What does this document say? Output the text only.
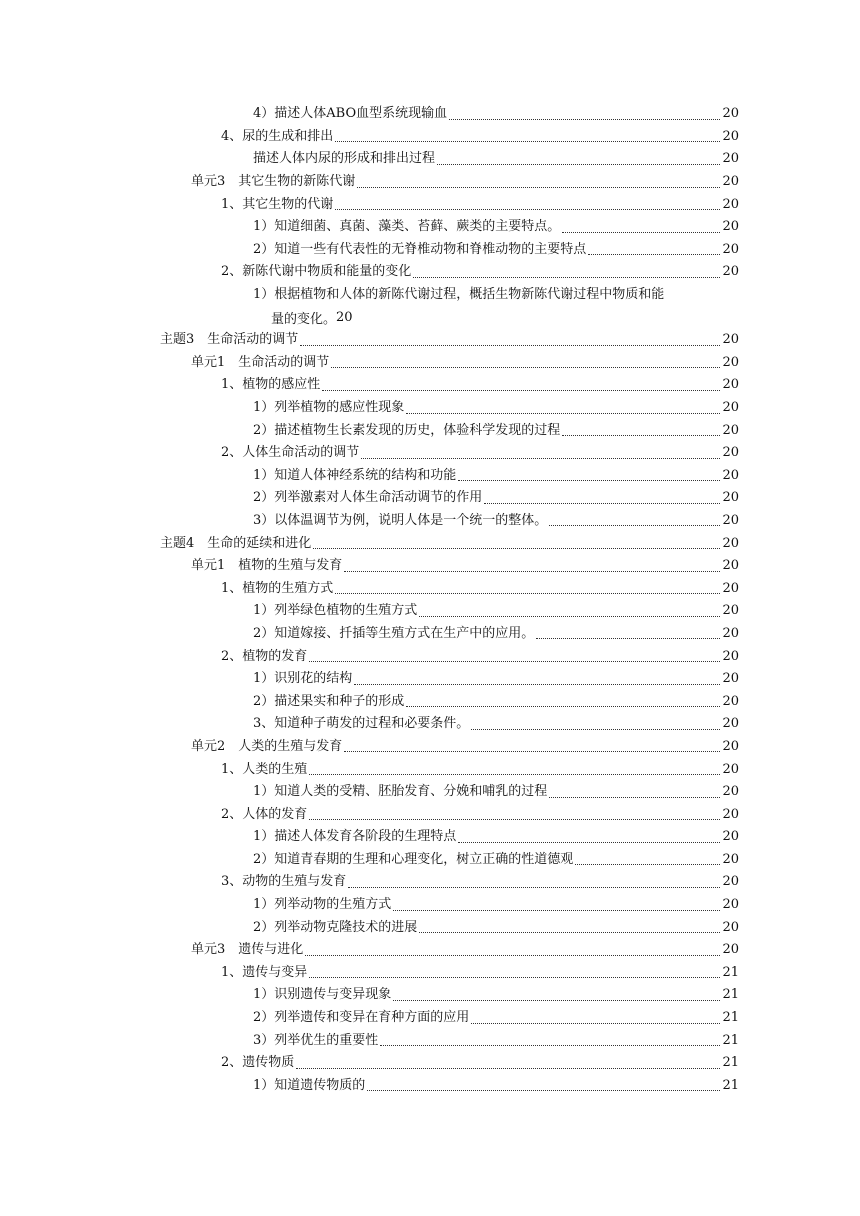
4）描述人体ABO血型系统现输血	20
4、尿的生成和排出	20
描述人体内尿的形成和排出过程	20
单元3　其它生物的新陈代谢	20
1、其它生物的代谢	20
1）知道细菌、真菌、藻类、苔藓、蕨类的主要特点。	20
2）知道一些有代表性的无脊椎动物和脊椎动物的主要特点	20
2、新陈代谢中物质和能量的变化	20
1）根据植物和人体的新陈代谢过程，概括生物新陈代谢过程中物质和能
量的变化。 20
主题3　生命活动的调节	20
单元1　生命活动的调节	20
1、植物的感应性	20
1）列举植物的感应性现象	20
2）描述植物生长素发现的历史，体验科学发现的过程	20
2、人体生命活动的调节	20
1）知道人体神经系统的结构和功能	20
2）列举激素对人体生命活动调节的作用	20
3）以体温调节为例，说明人体是一个统一的整体。	20
主题4　生命的延续和进化	20
单元1　植物的生殖与发育	20
1、植物的生殖方式	20
1）列举绿色植物的生殖方式	20
2）知道嫁接、扦插等生殖方式在生产中的应用。	20
2、植物的发育	20
1）识别花的结构	20
2）描述果实和种子的形成	20
3、知道种子萌发的过程和必要条件。	20
单元2　人类的生殖与发育	20
1、人类的生殖	20
1）知道人类的受精、胚胎发育、分娩和哺乳的过程	20
2、人体的发育	20
1）描述人体发育各阶段的生理特点	20
2）知道青春期的生理和心理变化，树立正确的性道德观	20
3、动物的生殖与发育	20
1）列举动物的生殖方式	20
2）列举动物克隆技术的进展	20
单元3　遗传与进化	20
1、遗传与变异	21
1）识别遗传与变异现象	21
2）列举遗传和变异在育种方面的应用	21
3）列举优生的重要性	21
2、遗传物质	21
1）知道遗传物质的	21
